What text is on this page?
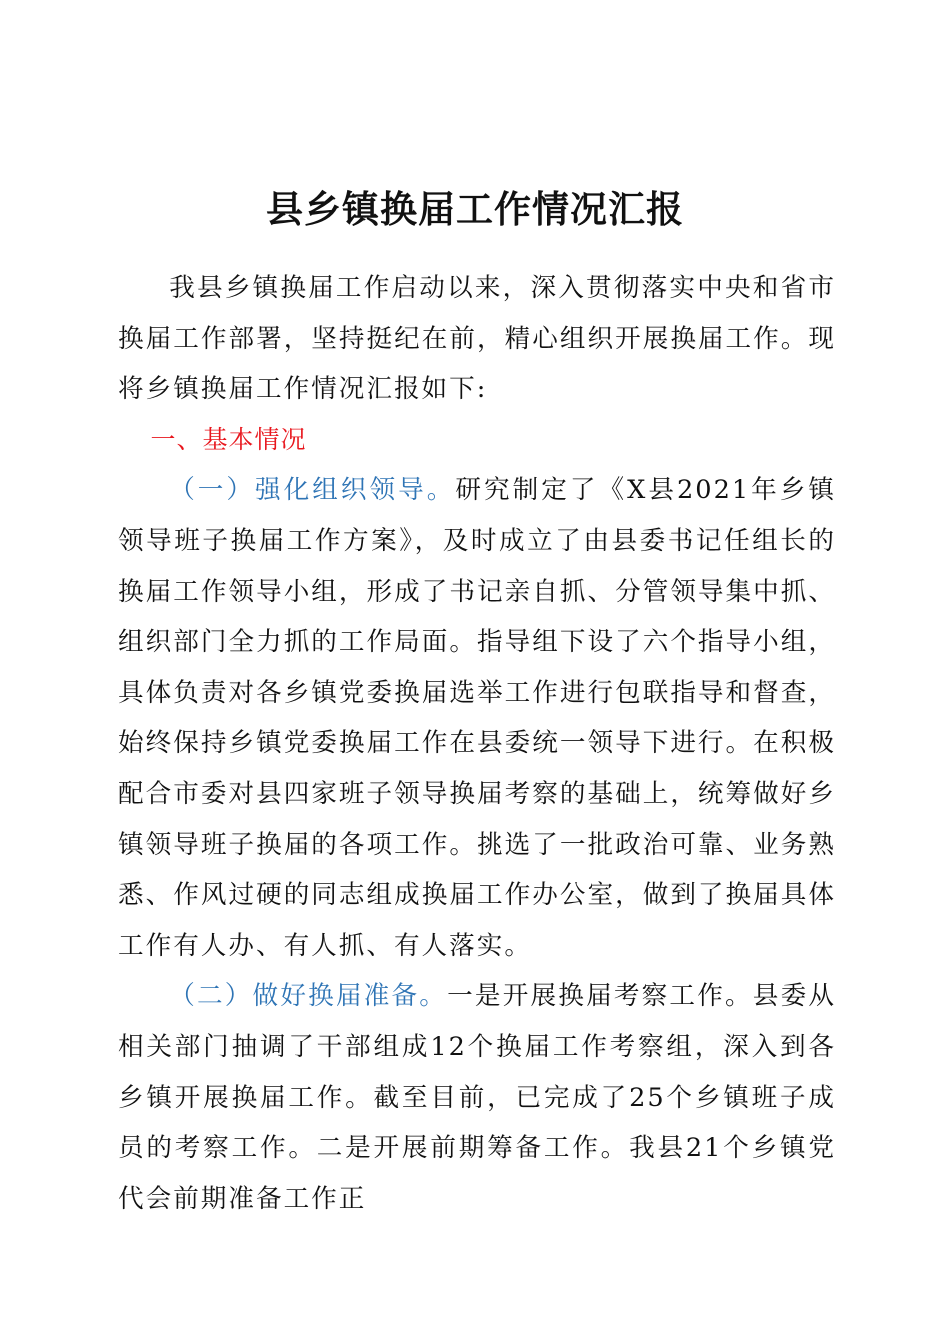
县乡镇换届工作情况汇报

我县乡镇换届工作启动以来，深入贯彻落实中央和省市换届工作部署，坚持挺纪在前，精心组织开展换届工作。现将乡镇换届工作情况汇报如下:

一、基本情况

（一）强化组织领导。研究制定了《X县2021年乡镇领导班子换届工作方案》，及时成立了由县委书记任组长的换届工作领导小组，形成了书记亲自抓、分管领导集中抓、组织部门全力抓的工作局面。指导组下设了六个指导小组，具体负责对各乡镇党委换届选举工作进行包联指导和督查，始终保持乡镇党委换届工作在县委统一领导下进行。在积极配合市委对县四家班子领导换届考察的基础上，统筹做好乡镇领导班子换届的各项工作。挑选了一批政治可靠、业务熟悉、作风过硬的同志组成换届工作办公室，做到了换届具体工作有人办、有人抓、有人落实。

（二）做好换届准备。一是开展换届考察工作。县委从相关部门抽调了干部组成12个换届工作考察组，深入到各乡镇开展换届工作。截至目前，已完成了25个乡镇班子成员的考察工作。二是开展前期筹备工作。我县21个乡镇党代会前期准备工作正
